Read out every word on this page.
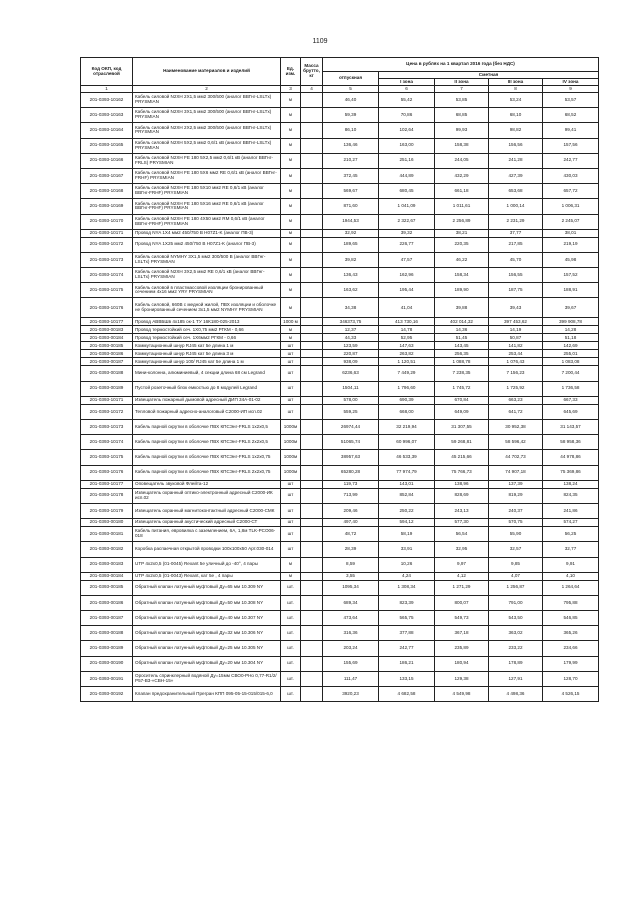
1109
Код ОКП, код отраслевой	Наименование материалов и изделий	Ед. изм.	Масса брутто, кг	Цена в рублях на 1 квартал 2016 года (без НДС)				
				отпускная	Сметная			
					I зона	II зона	III зона	IV зона
1	2	3	4	5	6	7	8	9
201-0393-10162	Кабель силовой N2XH 2X1,5 мм2 300/500 (аналог ВВГнг-LSLTx) PRYSMIAN	м		46,40	55,42	53,85	53,24	53,57
201-0393-10163	Кабель силовой N2XH 3X1,5 мм2 300/500 (аналог ВВГнг-LSLTx) PRYSMIAN	м		59,39	70,86	68,85	68,10	68,52
201-0393-10164	Кабель силовой N2XH 2X2,5 мм2 300/500 (аналог ВВГнг-LSLTx) PRYSMIAN	м		86,10	102,64	99,93	98,82	99,41
201-0393-10165	Кабель силовой N2XH 5X2,5 мм2 0,6/1 кВ (аналог ВВГнг-LSLTx) PRYSMIAN	м		136,46	163,00	158,38	156,56	157,56
201-0393-10166	Кабель силовой N2XH FE 180 5X2,5 мм2 0,6/1 кВ (аналог ВВГнг-FRLS) PRYSMIAN	м		210,27	251,16	244,05	241,28	242,77
201-0393-10167	Кабель силовой N2XH FE 180 5X6 мм2 RE 0,6/1 кВ (аналог ВВГнг-FRHF) PRYSMIAN	м		372,45	444,89	432,29	427,39	430,03
201-0393-10168	Кабель силовой N2XH FE 180 5X10 мм2 RE 0,6/1 кВ (аналог ВВГнг-FRHF) PRYSMIAN	м		569,67	680,45	661,18	653,68	657,72
201-0393-10169	Кабель силовой N2XH FE 180 5X16 мм2 RE 0,6/1 кВ (аналог ВВГнг-FRHF) PRYSMIAN	м		871,60	1 041,09	1 011,61	1 000,14	1 006,31
201-0393-10170	Кабель силовой N2XH FE 180 4X50 мм2 RM 0,6/1 кВ (аналог ВВГнг-FRHF) PRYSMIAN	м		1944,53	2 322,67	2 256,89	2 231,29	2 245,07
201-0393-10171	Провод NYA 1X4 мм2 450/750 В H07Z1-K (аналог ПВ-3)	м		32,92	39,32	38,21	37,77	38,01
201-0393-10172	Провод NYA 1X25 мм2 450/750 В H07Z1-K (аналог ПВ-3)	м		189,65	226,77	220,35	217,85	219,19
201-0393-10173	Кабель силовой NYMHY 3X1,5 мм2 300/500 В (аналог ВВГнг-LSLTx) PRYSMIAN	м		39,82	47,57	46,22	45,70	45,98
201-0393-10174	Кабель силовой N2XH 3X2,5 мм2 RE 0,6/1 кВ (аналог ВВГнг-LSLTx) PRYSMIAN	м		136,43	162,96	158,34	156,55	157,52
201-0393-10175	Кабель силовой в пластмассовой изоляции бронированный сечением 4х16 мм2 YRY PRYSMIAN	м		163,62	195,44	189,90	187,75	188,91
201-0393-10176	Кабель силовой, 660В с медной жилой, ПВХ изоляции и оболочке не бронированный сечением 3х1,5 мм2 NYMHY PRYSMIAN	м		34,38	41,04	39,88	39,43	39,67
201-0393-10177	Провод АВВБШв 4х185 ок-1 ТУ 16К180-025-2013	1000 м		346373,75	413 730,16	402 014,32	397 453,62	399 908,78
201-0393-00183	Провод термостойкий сеч. 1Х0,75 мм2 РГКМ - 0,66	м		12,37	14,78	14,36	14,19	14,28
201-0393-00184	Провод термостойкий сеч. 1Х6мм2 РГКМ - 0,66	м		44,33	52,95	51,45	50,87	51,18
201-0393-00185	Коммутационный шнур RJ45 кат 5е длина 1 м	шт		123,59	147,63	143,45	141,82	142,69
201-0393-00186	Коммутационный шнур RJ45 кат 5е длина 3 м	шт		220,87	263,82	256,35	253,44	255,01
201-0393-00187	Коммутационный шнур 100/ RJ45 кат 5е длина 1 м	шт		938,09	1 120,51	1 088,78	1 076,43	1 083,08
201-0393-00188	Мини-колонна, алюминиевый, 4 секции длина 68 см Legrand	шт		6236,63	7 449,29	7 238,35	7 156,23	7 200,44
201-0393-00189	Пустой розеточный блок емкостью до 8 модулей Legrand	шт		1504,11	1 796,60	1 745,72	1 725,92	1 736,58
201-0393-10171	Извещатель пожарный дымовой адресный ДИП 34А-01-02	шт		578,00	690,39	670,84	663,23	667,33
201-0393-10172	Тепловой пожарный адресно-аналоговый С2000-ИП исп.02	шт		559,25	668,00	649,09	641,72	645,69
201-0393-10173	Кабель парной скрутки в оболочке ПВХ КПСЭнг-FRLS 1х2х0,5	1000м		26974,44	32 219,94	31 307,55	30 952,38	31 143,57
201-0393-10174	Кабель парной скрутки в оболочке ПВХ КПСЭнг-FRLS 2х2х0,5	1000м		51065,74	60 996,07	59 268,81	58 596,42	58 958,36
201-0393-10175	Кабель парной скрутки в оболочке ПВХ КПСЭнг-FRLS 1х2х0,75	1000м		38957,63	46 533,39	45 215,66	44 702,73	44 978,86
201-0393-10176	Кабель парной скрутки в оболочке ПВХ КПСЭнг-FRLS 2х2х0,75	1000м		65280,28	77 974,79	75 766,73	74 907,18	75 369,86
201-0393-10177	Оповещатель звуковой Флейта-12	шт		119,73	143,01	138,96	137,39	138,24
201-0393-10178	Извещатель охранный оптико-электронный адресный С2000-ИК исп.02	шт		713,99	852,84	828,69	819,29	824,35
201-0393-10179	Извещатель охранный магнитоконтактный адресный С2000-СМК	шт		209,46	250,22	243,13	240,37	241,86
201-0393-00180	Извещатель охранный акустический адресный С2000-СТ	шт		497,40	594,12	577,30	570,75	574,27
201-0393-00181	Кабель питания, евровилка с заземлением, 6А, 1,8м TLK-PCO06-018	шт		48,72	58,19	56,54	55,90	56,25
201-0393-00182	Коробка распаечная открытой проводки 100х100х50 Арт.030-014	шт		28,39	33,91	32,95	32,57	32,77
201-0393-00183	UTP 4х2х0,5 (01-0045) Rexant 5е уличный до -40°, 4 пары	м		8,59	10,26	9,97	9,85	9,91
201-0393-00184	UTP 4х2х0,5 (01-0043) Rexant, кат 5е , 4 пары	м		3,55	4,24	4,12	4,07	4,10
201-0393-00185	Обратный клапан латунный муфтовый Ду=65 мм 10.309 NY	шт.		1095,34	1 308,34	1 271,29	1 256,87	1 264,64
201-0393-00186	Обратный клапан латунный муфтовый Ду=50 мм 10.308 NY	шт.		689,34	823,39	800,07	791,00	795,88
201-0393-00187	Обратный клапан латунный муфтовый Ду=40 мм 10.307 NY	шт.		473,64	565,75	549,73	543,50	546,85
201-0393-00188	Обратный клапан латунный муфтовый Ду=32 мм 10.306 NY	шт.		316,36	377,88	367,18	363,02	365,26
201-0393-00189	Обратный клапан латунный муфтовый Ду=25 мм 10.305 NY	шт.		203,24	242,77	235,89	233,22	234,66
201-0393-00190	Обратный клапан латунный муфтовый Ду=20 мм 10.304 NY	шт.		155,69	186,21	180,94	178,89	179,99
201-0393-00191	Ороситель спринклерный водяной Ду=15мм СВО0-РНо 0,77-R1/2/Р57-В3-«СВН-15»	шт.		111,47	133,15	129,38	127,91	128,70
201-0393-00192	Клапан предохранительный Прегран КПП 095-05-15-015/015-6,0	шт.		3920,23	4 682,58	4 549,98	4 498,36	4 526,15
